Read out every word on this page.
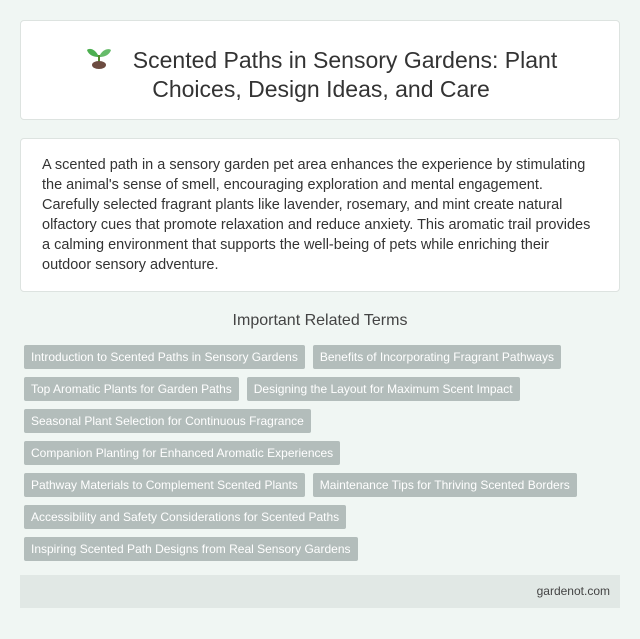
Scented Paths in Sensory Gardens: Plant
Choices, Design Ideas, and Care

A scented path in a sensory garden pet area enhances the experience by stimulating the animal's sense of smell, encouraging exploration and mental engagement. Carefully selected fragrant plants like lavender, rosemary, and mint create natural olfactory cues that promote relaxation and reduce anxiety. This aromatic trail provides a calming environment that supports the well-being of pets while enriching their outdoor sensory adventure.

Important Related Terms
Introduction to Scented Paths in Sensory Gardens	Benefits of Incorporating Fragrant Pathways
Top Aromatic Plants for Garden Paths	Designing the Layout for Maximum Scent Impact
Seasonal Plant Selection for Continuous Fragrance
Companion Planting for Enhanced Aromatic Experiences
Pathway Materials to Complement Scented Plants	Maintenance Tips for Thriving Scented Borders
Accessibility and Safety Considerations for Scented Paths
Inspiring Scented Path Designs from Real Sensory Gardens
gardenot.com
